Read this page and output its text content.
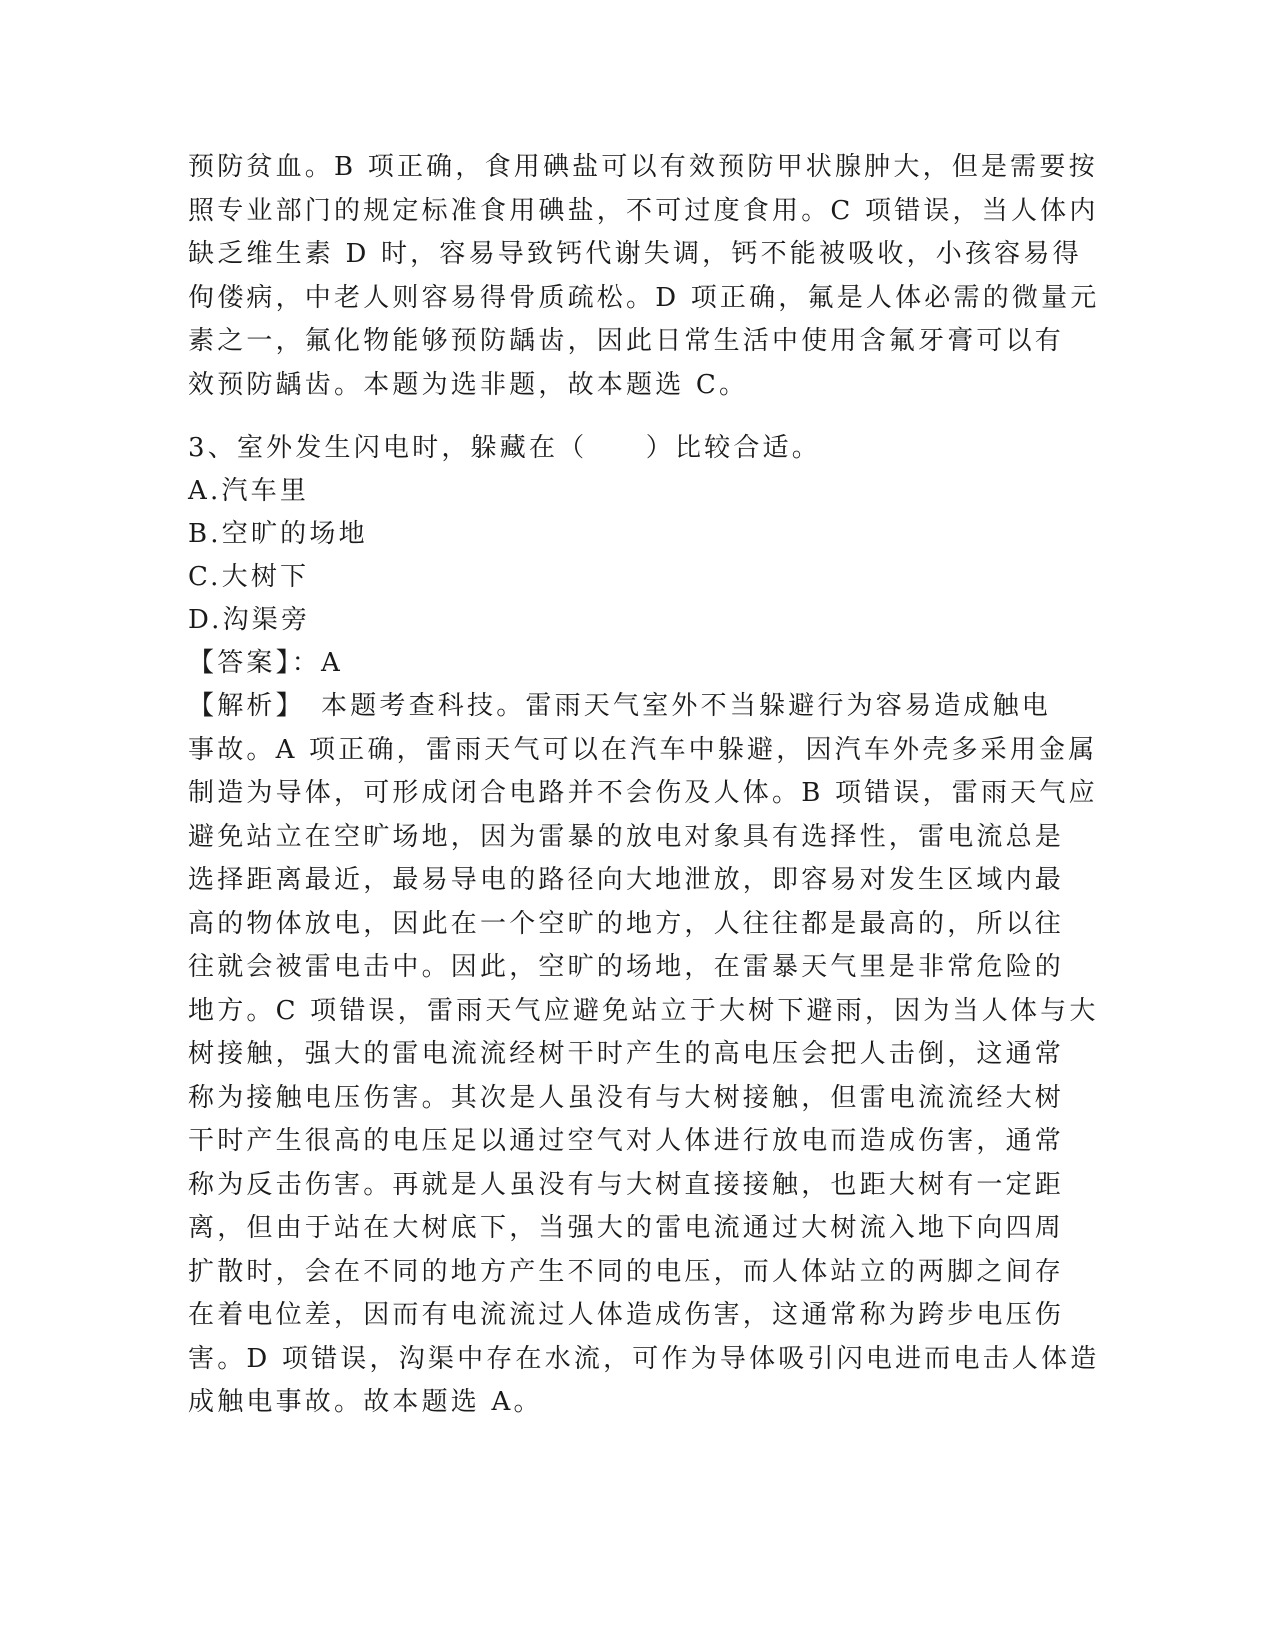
预防贫血。B 项正确，食用碘盐可以有效预防甲状腺肿大，但是需要按
照专业部门的规定标准食用碘盐，不可过度食用。C 项错误，当人体内
缺乏维生素 D 时，容易导致钙代谢失调，钙不能被吸收，小孩容易得
佝偻病，中老人则容易得骨质疏松。D 项正确，氟是人体必需的微量元
素之一，氟化物能够预防龋齿，因此日常生活中使用含氟牙膏可以有
效预防龋齿。本题为选非题，故本题选 C。
3、室外发生闪电时，躲藏在（　　）比较合适。
A.汽车里
B.空旷的场地
C.大树下
D.沟渠旁
【答案】：A
【解析】　本题考查科技。雷雨天气室外不当躲避行为容易造成触电
事故。A 项正确，雷雨天气可以在汽车中躲避，因汽车外壳多采用金属
制造为导体，可形成闭合电路并不会伤及人体。B 项错误，雷雨天气应
避免站立在空旷场地，因为雷暴的放电对象具有选择性，雷电流总是
选择距离最近，最易导电的路径向大地泄放，即容易对发生区域内最
高的物体放电，因此在一个空旷的地方，人往往都是最高的，所以往
往就会被雷电击中。因此，空旷的场地，在雷暴天气里是非常危险的
地方。C 项错误，雷雨天气应避免站立于大树下避雨，因为当人体与大
树接触，强大的雷电流流经树干时产生的高电压会把人击倒，这通常
称为接触电压伤害。其次是人虽没有与大树接触，但雷电流流经大树
干时产生很高的电压足以通过空气对人体进行放电而造成伤害，通常
称为反击伤害。再就是人虽没有与大树直接接触，也距大树有一定距
离，但由于站在大树底下，当强大的雷电流通过大树流入地下向四周
扩散时，会在不同的地方产生不同的电压，而人体站立的两脚之间存
在着电位差，因而有电流流过人体造成伤害，这通常称为跨步电压伤
害。D 项错误，沟渠中存在水流，可作为导体吸引闪电进而电击人体造
成触电事故。故本题选 A。
